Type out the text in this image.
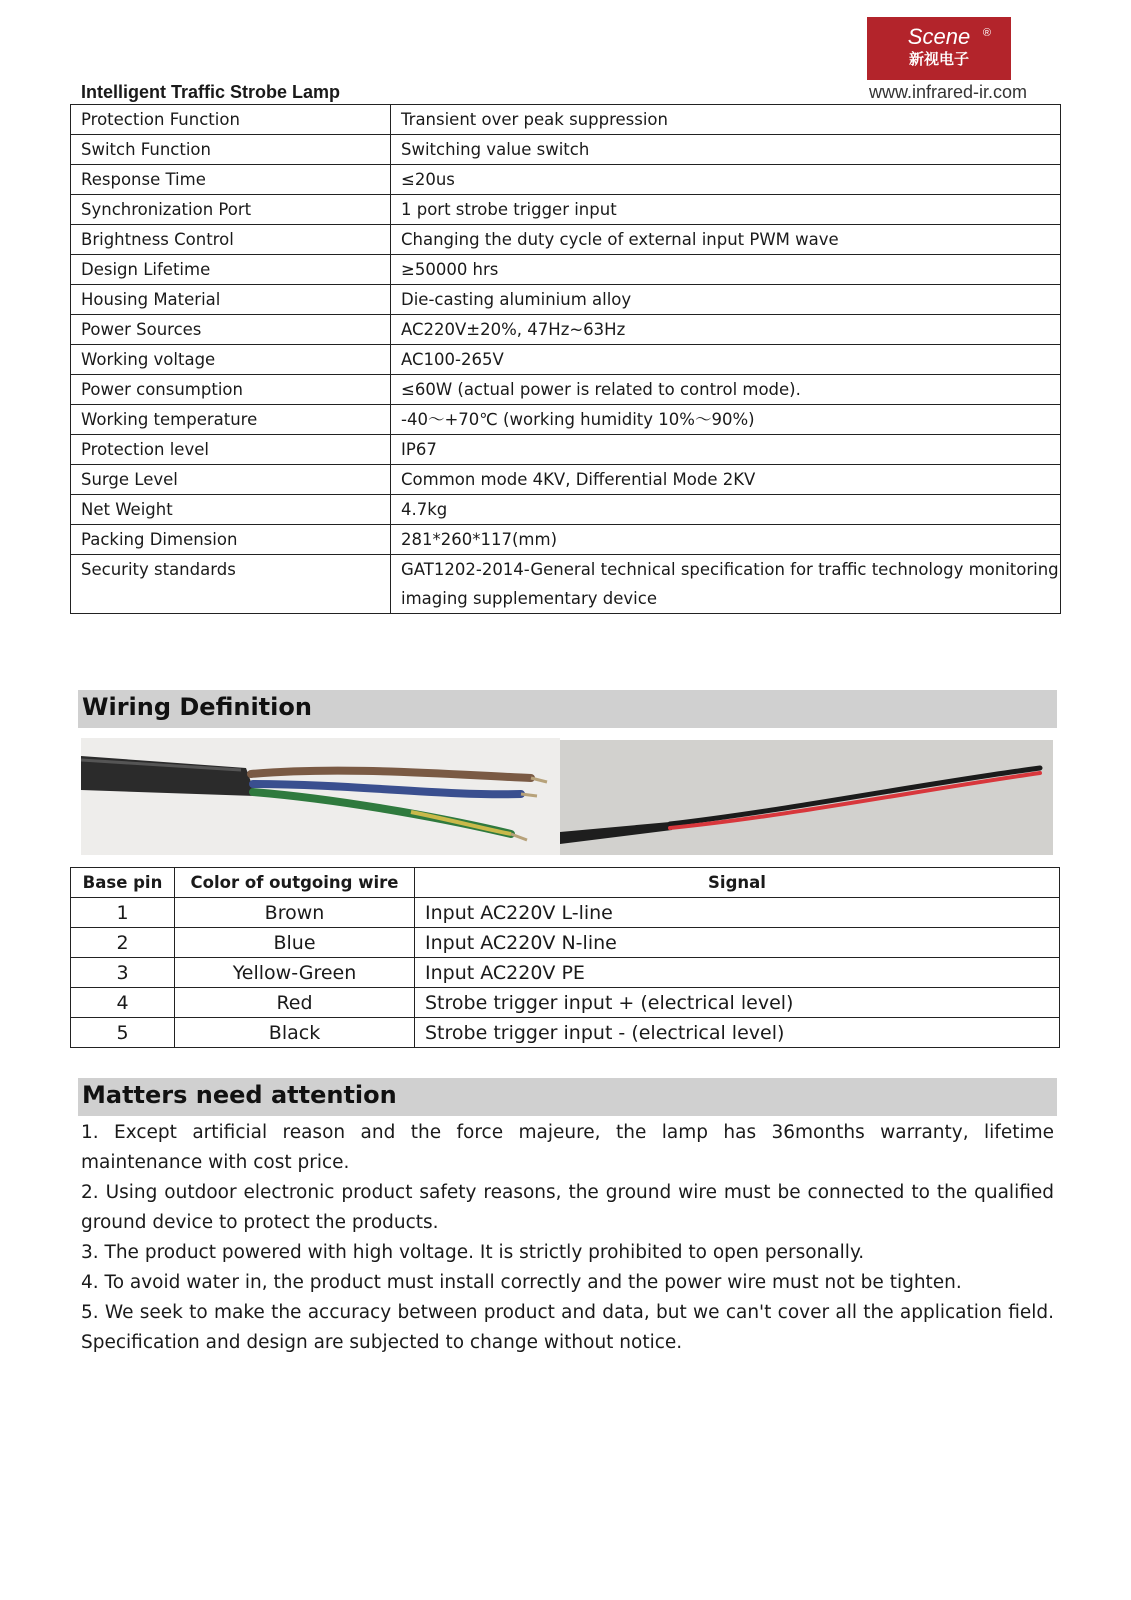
Scene ®
新视电子
www.infrared-ir.com
Intelligent Traffic Strobe Lamp
Protection Function	Transient over peak suppression
Switch Function	Switching value switch
Response Time	≤20us
Synchronization Port	1 port strobe trigger input
Brightness Control	Changing the duty cycle of external input PWM wave
Design Lifetime	≥50000 hrs
Housing Material	Die-casting aluminium alloy
Power Sources	AC220V±20%, 47Hz~63Hz
Working voltage	AC100-265V
Power consumption	≤60W (actual power is related to control mode).
Working temperature	-40～+70℃ (working humidity 10%～90%)
Protection level	IP67
Surge Level	Common mode 4KV, Differential Mode 2KV
Net Weight	4.7kg
Packing Dimension	281*260*117(mm)
Security standards	GAT1202-2014-General technical specification for traffic technology monitoring imaging supplementary device
Wiring Definition
Base pin	Color of outgoing wire	Signal
1	Brown	Input AC220V L-line
2	Blue	Input AC220V N-line
3	Yellow-Green	Input AC220V PE
4	Red	Strobe trigger input + (electrical level)
5	Black	Strobe trigger input - (electrical level)
Matters need attention

1. Except artificial reason and the force majeure, the lamp has 36months warranty, lifetime maintenance with cost price.

2. Using outdoor electronic product safety reasons, the ground wire must be connected to the qualified ground device to protect the products.

3. The product powered with high voltage. It is strictly prohibited to open personally.

4. To avoid water in, the product must install correctly and the power wire must not be tighten.

5. We seek to make the accuracy between product and data, but we can't cover all the application field. Specification and design are subjected to change without notice.
